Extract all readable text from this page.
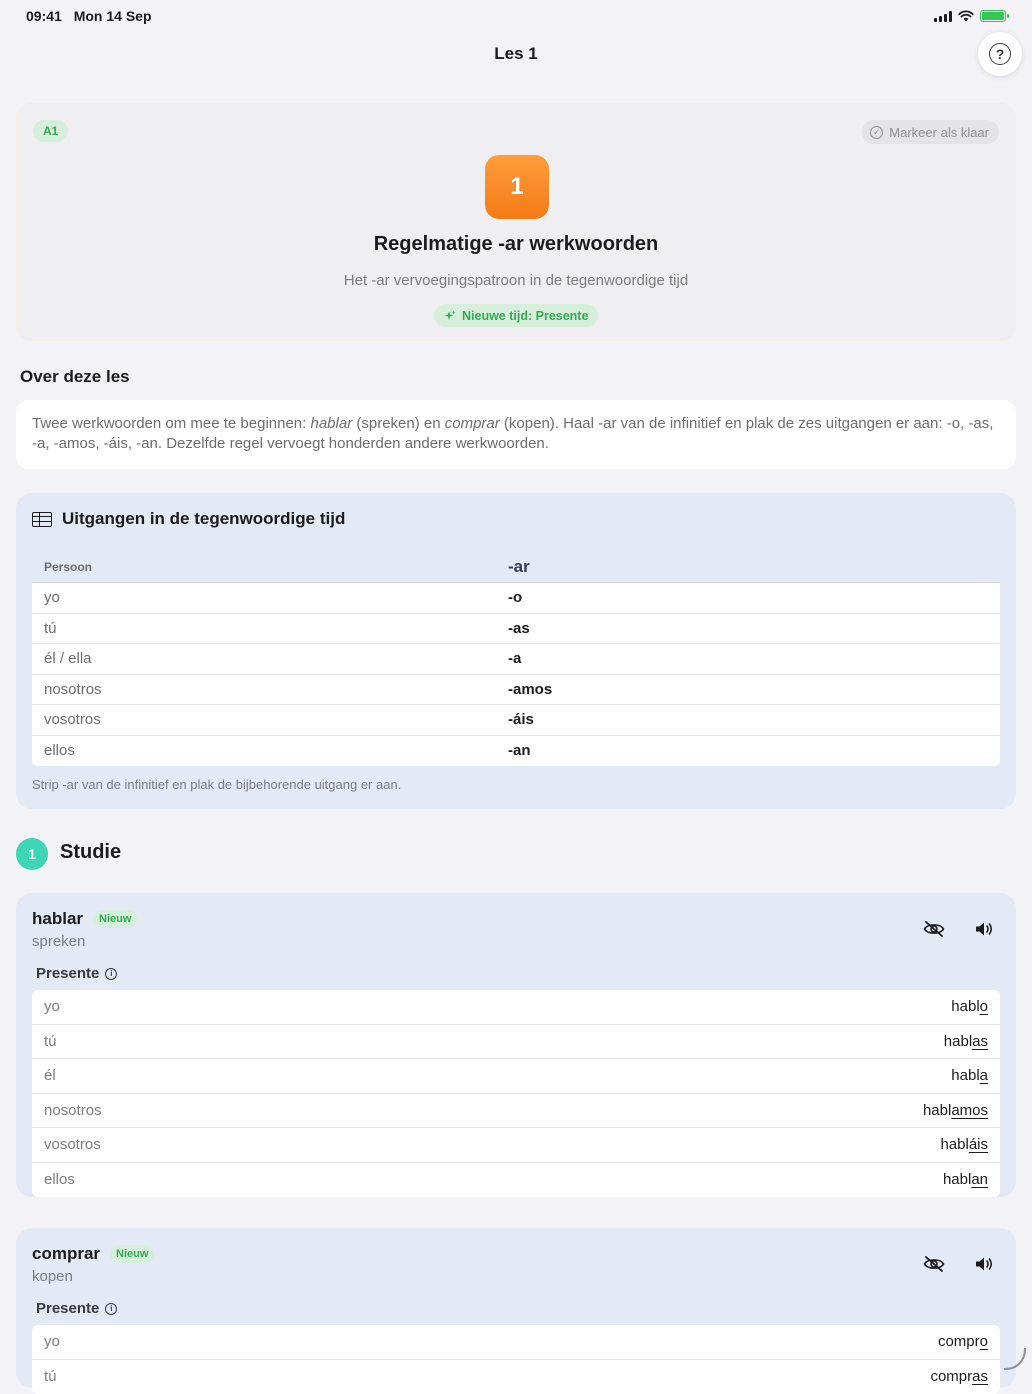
09:41 Mon 14 Sep
Les 1	?
A1	✓ Markeer als klaar
1
Regelmatige -ar werkwoorden
Het -ar vervoegingspatroon in de tegenwoordige tijd
Nieuwe tijd: Presente
Over deze les
Twee werkwoorden om mee te beginnen: hablar (spreken) en comprar (kopen). Haal -ar van de infinitief en plak de zes uitgangen er aan: -o, -as, -a, -amos, -áis, -an. Dezelfde regel vervoegt honderden andere werkwoorden.
Uitgangen in de tegenwoordige tijd
Persoon	-ar
yo	-o
tú	-as
él / ella	-a
nosotros	-amos
vosotros	-áis
ellos	-an
Strip -ar van de infinitief en plak de bijbehorende uitgang er aan.
1	Studie
hablar	Nieuw
spreken
Presente	i
yo	hablo
tú	hablas
él	habla
nosotros	hablamos
vosotros	habláis
ellos	hablan
comprar	Nieuw
kopen
Presente	i
yo	compro
tú	compras
